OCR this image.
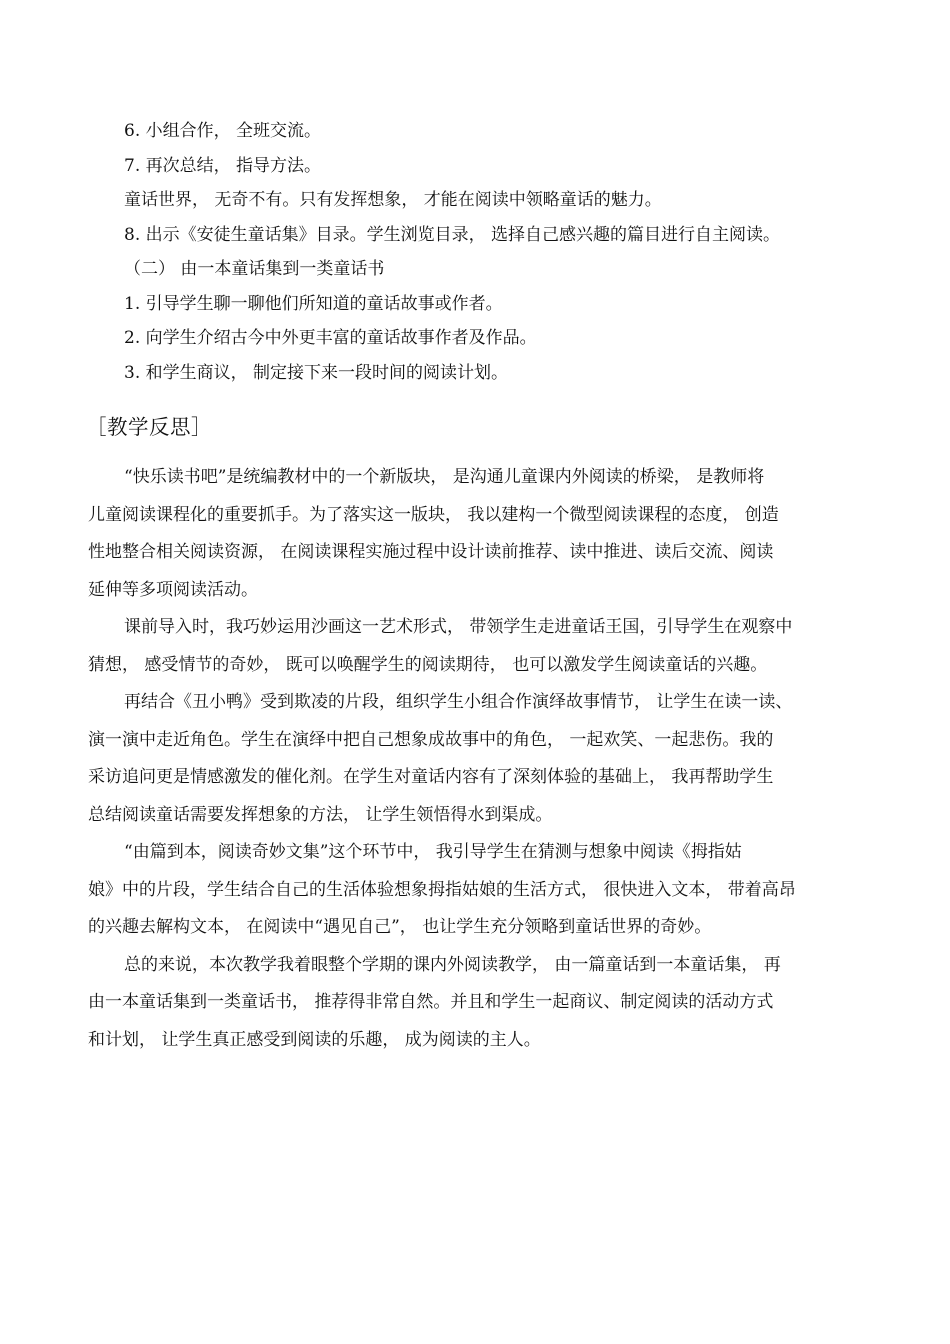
6. 小组合作， 全班交流。
7. 再次总结， 指导方法。
童话世界， 无奇不有。只有发挥想象， 才能在阅读中领略童话的魅力。
8. 出示《安徒生童话集》目录。学生浏览目录， 选择自己感兴趣的篇目进行自主阅读。
（二） 由一本童话集到一类童话书
1. 引导学生聊一聊他们所知道的童话故事或作者。
2. 向学生介绍古今中外更丰富的童话故事作者及作品。
3. 和学生商议， 制定接下来一段时间的阅读计划。
［教学反思］

“快乐读书吧”是统编教材中的一个新版块， 是沟通儿童课内外阅读的桥梁， 是教师将
儿童阅读课程化的重要抓手。为了落实这一版块， 我以建构一个微型阅读课程的态度， 创造
性地整合相关阅读资源， 在阅读课程实施过程中设计读前推荐、读中推进、读后交流、阅读
延伸等多项阅读活动。

课前导入时，我巧妙运用沙画这一艺术形式， 带领学生走进童话王国，引导学生在观察中
猜想， 感受情节的奇妙， 既可以唤醒学生的阅读期待， 也可以激发学生阅读童话的兴趣。

再结合《丑小鸭》受到欺凌的片段，组织学生小组合作演绎故事情节， 让学生在读一读、
演一演中走近角色。学生在演绎中把自己想象成故事中的角色， 一起欢笑、一起悲伤。我的
采访追问更是情感激发的催化剂。在学生对童话内容有了深刻体验的基础上， 我再帮助学生
总结阅读童话需要发挥想象的方法， 让学生领悟得水到渠成。

“由篇到本，阅读奇妙文集”这个环节中， 我引导学生在猜测与想象中阅读《拇指姑
娘》中的片段，学生结合自己的生活体验想象拇指姑娘的生活方式， 很快进入文本， 带着高昂
的兴趣去解构文本， 在阅读中“遇见自己”， 也让学生充分领略到童话世界的奇妙。

总的来说，本次教学我着眼整个学期的课内外阅读教学， 由一篇童话到一本童话集， 再
由一本童话集到一类童话书， 推荐得非常自然。并且和学生一起商议、制定阅读的活动方式
和计划， 让学生真正感受到阅读的乐趣， 成为阅读的主人。
